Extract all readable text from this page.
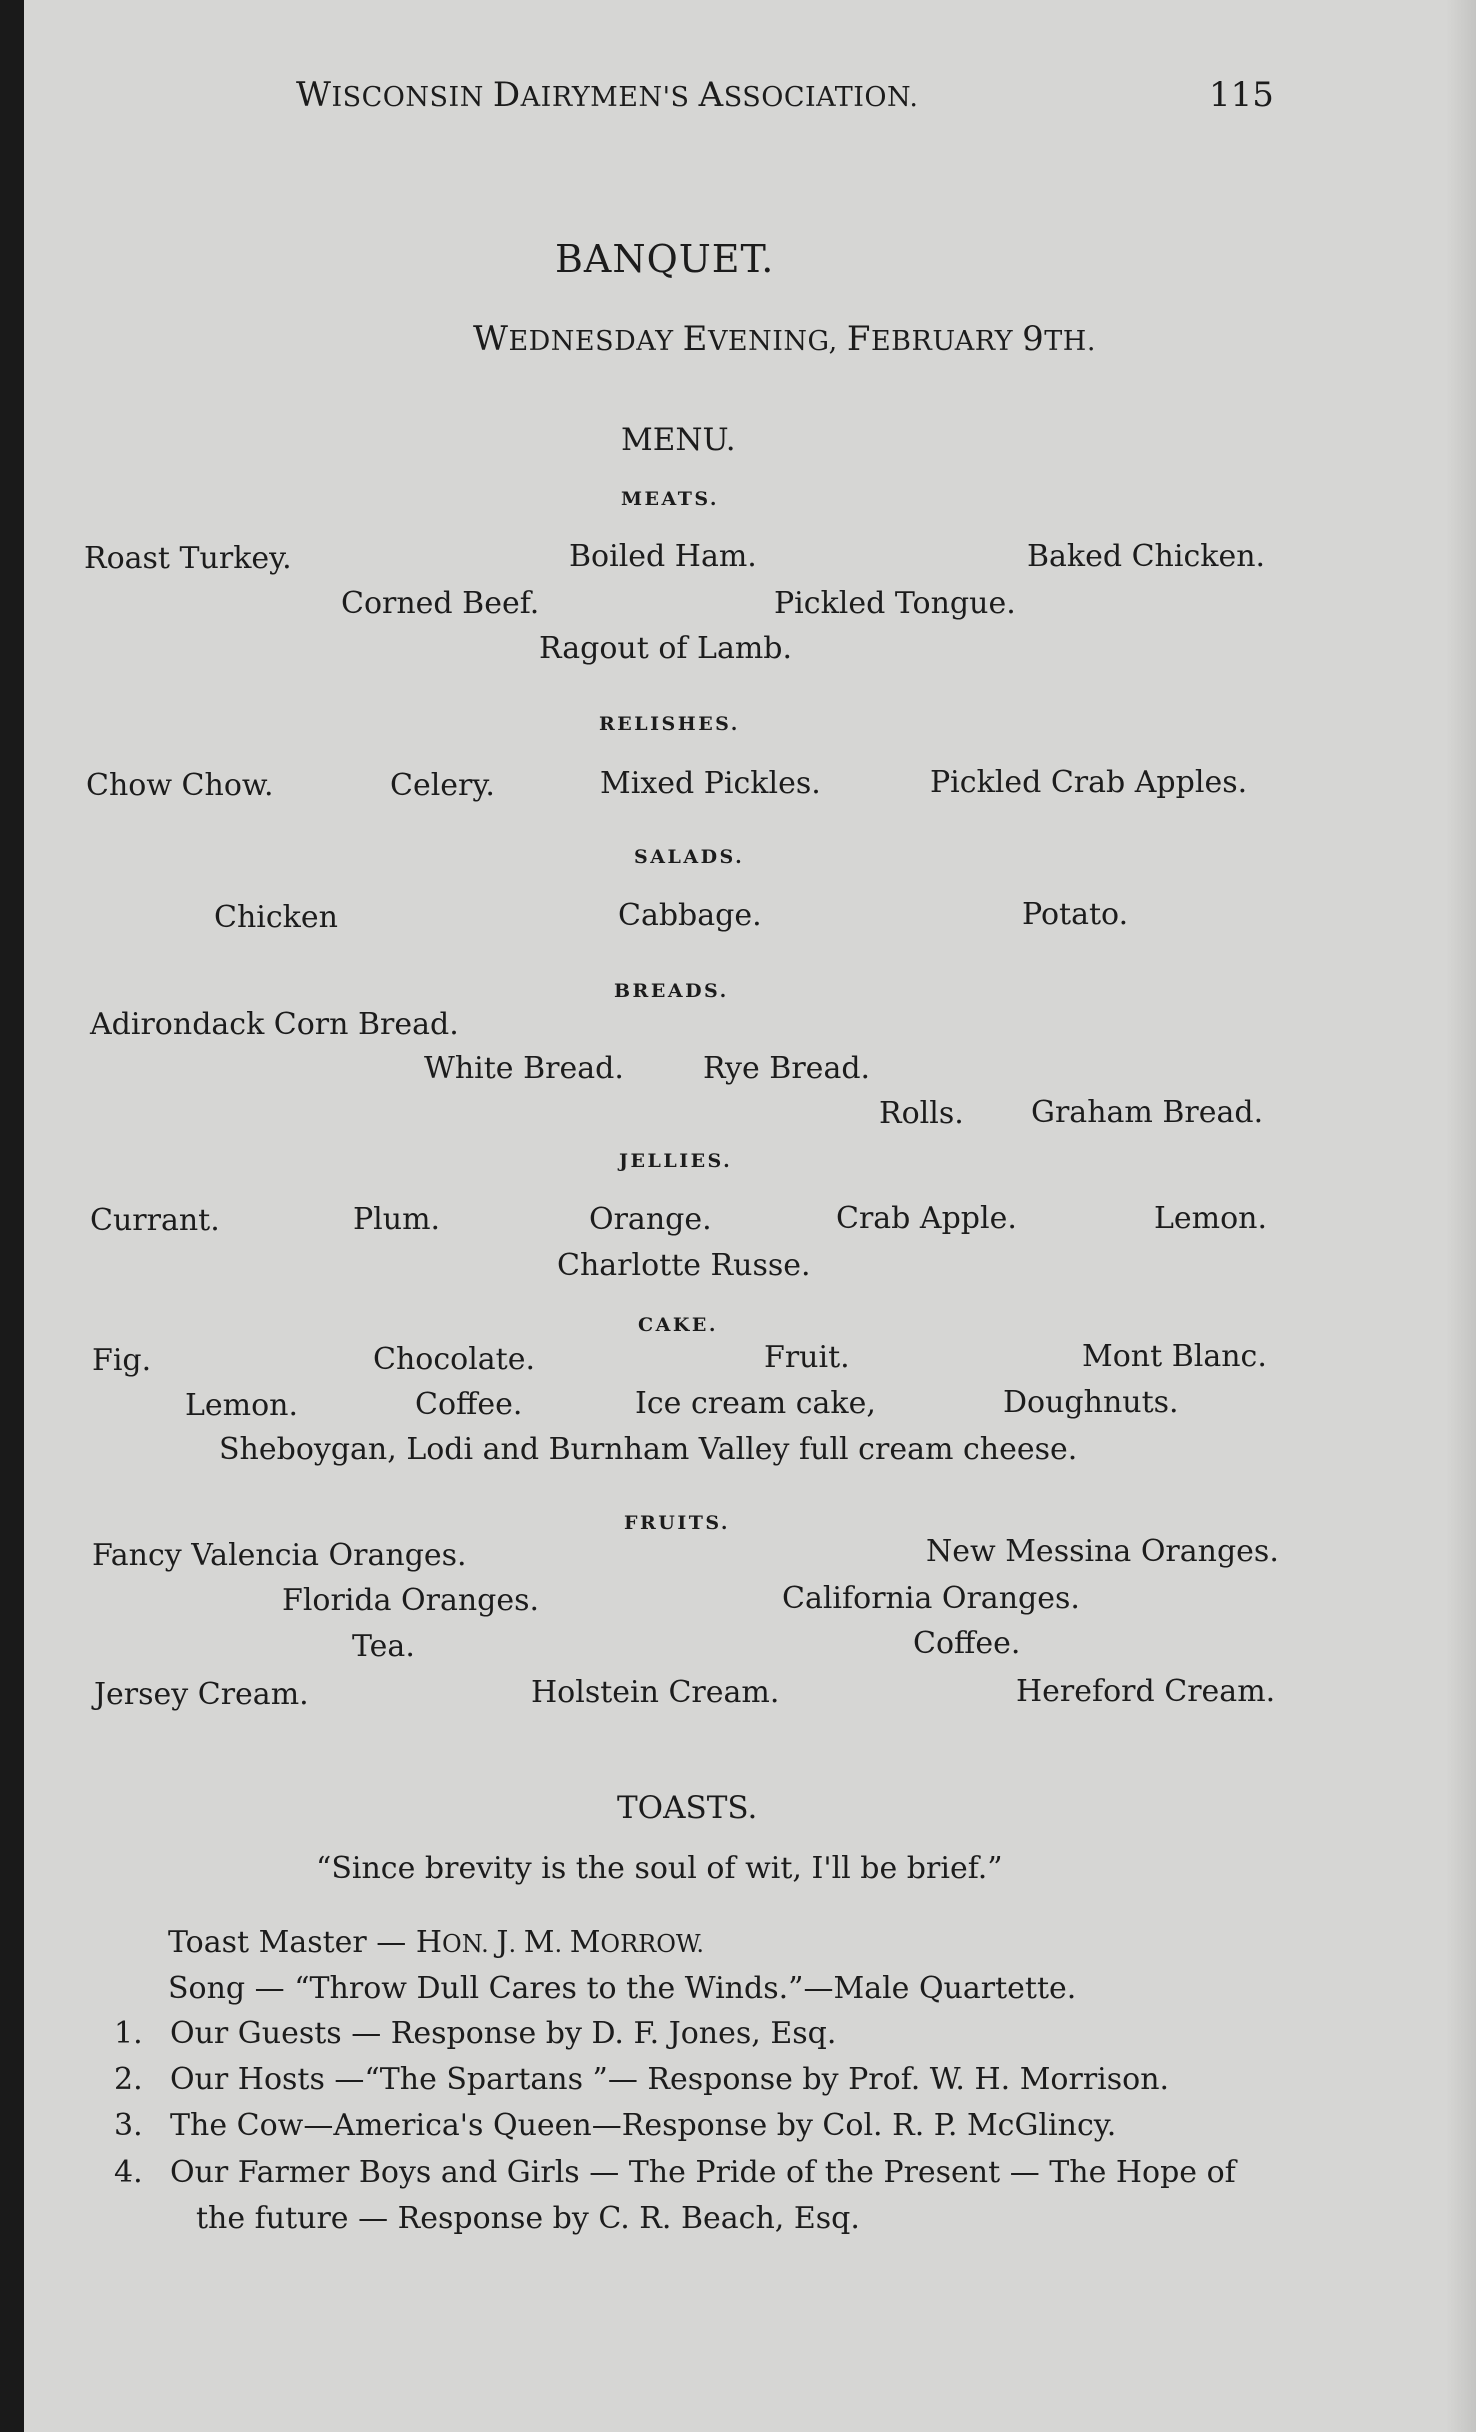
WISCONSIN DAIRYMEN'S ASSOCIATION.	115
BANQUET.
WEDNESDAY EVENING, FEBRUARY 9TH.
MENU.
MEATS.
Roast Turkey.	Boiled Ham.	Baked Chicken.
Corned Beef.	Pickled Tongue.
Ragout of Lamb.
RELISHES.
Chow Chow.	Celery.	Mixed Pickles.	Pickled Crab Apples.
SALADS.
Chicken	Cabbage.	Potato.
BREADS.
Adirondack Corn Bread.
White Bread.	Rye Bread.
Rolls. Graham Bread.
JELLIES.
Currant.	Plum.	Orange.	Crab Apple.	Lemon.
Charlotte Russe.
CAKE.
Fig.	Chocolate.	Fruit.	Mont Blanc.
Lemon.	Coffee.	Ice cream cake,	Doughnuts.
Sheboygan, Lodi and Burnham Valley full cream cheese.
FRUITS.
Fancy Valencia Oranges.	New Messina Oranges.
Florida Oranges.	California Oranges.
Tea.	Coffee.
Jersey Cream.	Holstein Cream.	Hereford Cream.
TOASTS.
“Since brevity is the soul of wit, I'll be brief.”
Toast Master — HON. J. M. MORROW.
Song — “Throw Dull Cares to the Winds.”—Male Quartette.
1. Our Guests — Response by D. F. Jones, Esq.
2. Our Hosts —“The Spartans ”— Response by Prof. W. H. Morrison.
3. The Cow—America's Queen—Response by Col. R. P. McGlincy.
4. Our Farmer Boys and Girls — The Pride of the Present — The Hope of
the future — Response by C. R. Beach, Esq.
